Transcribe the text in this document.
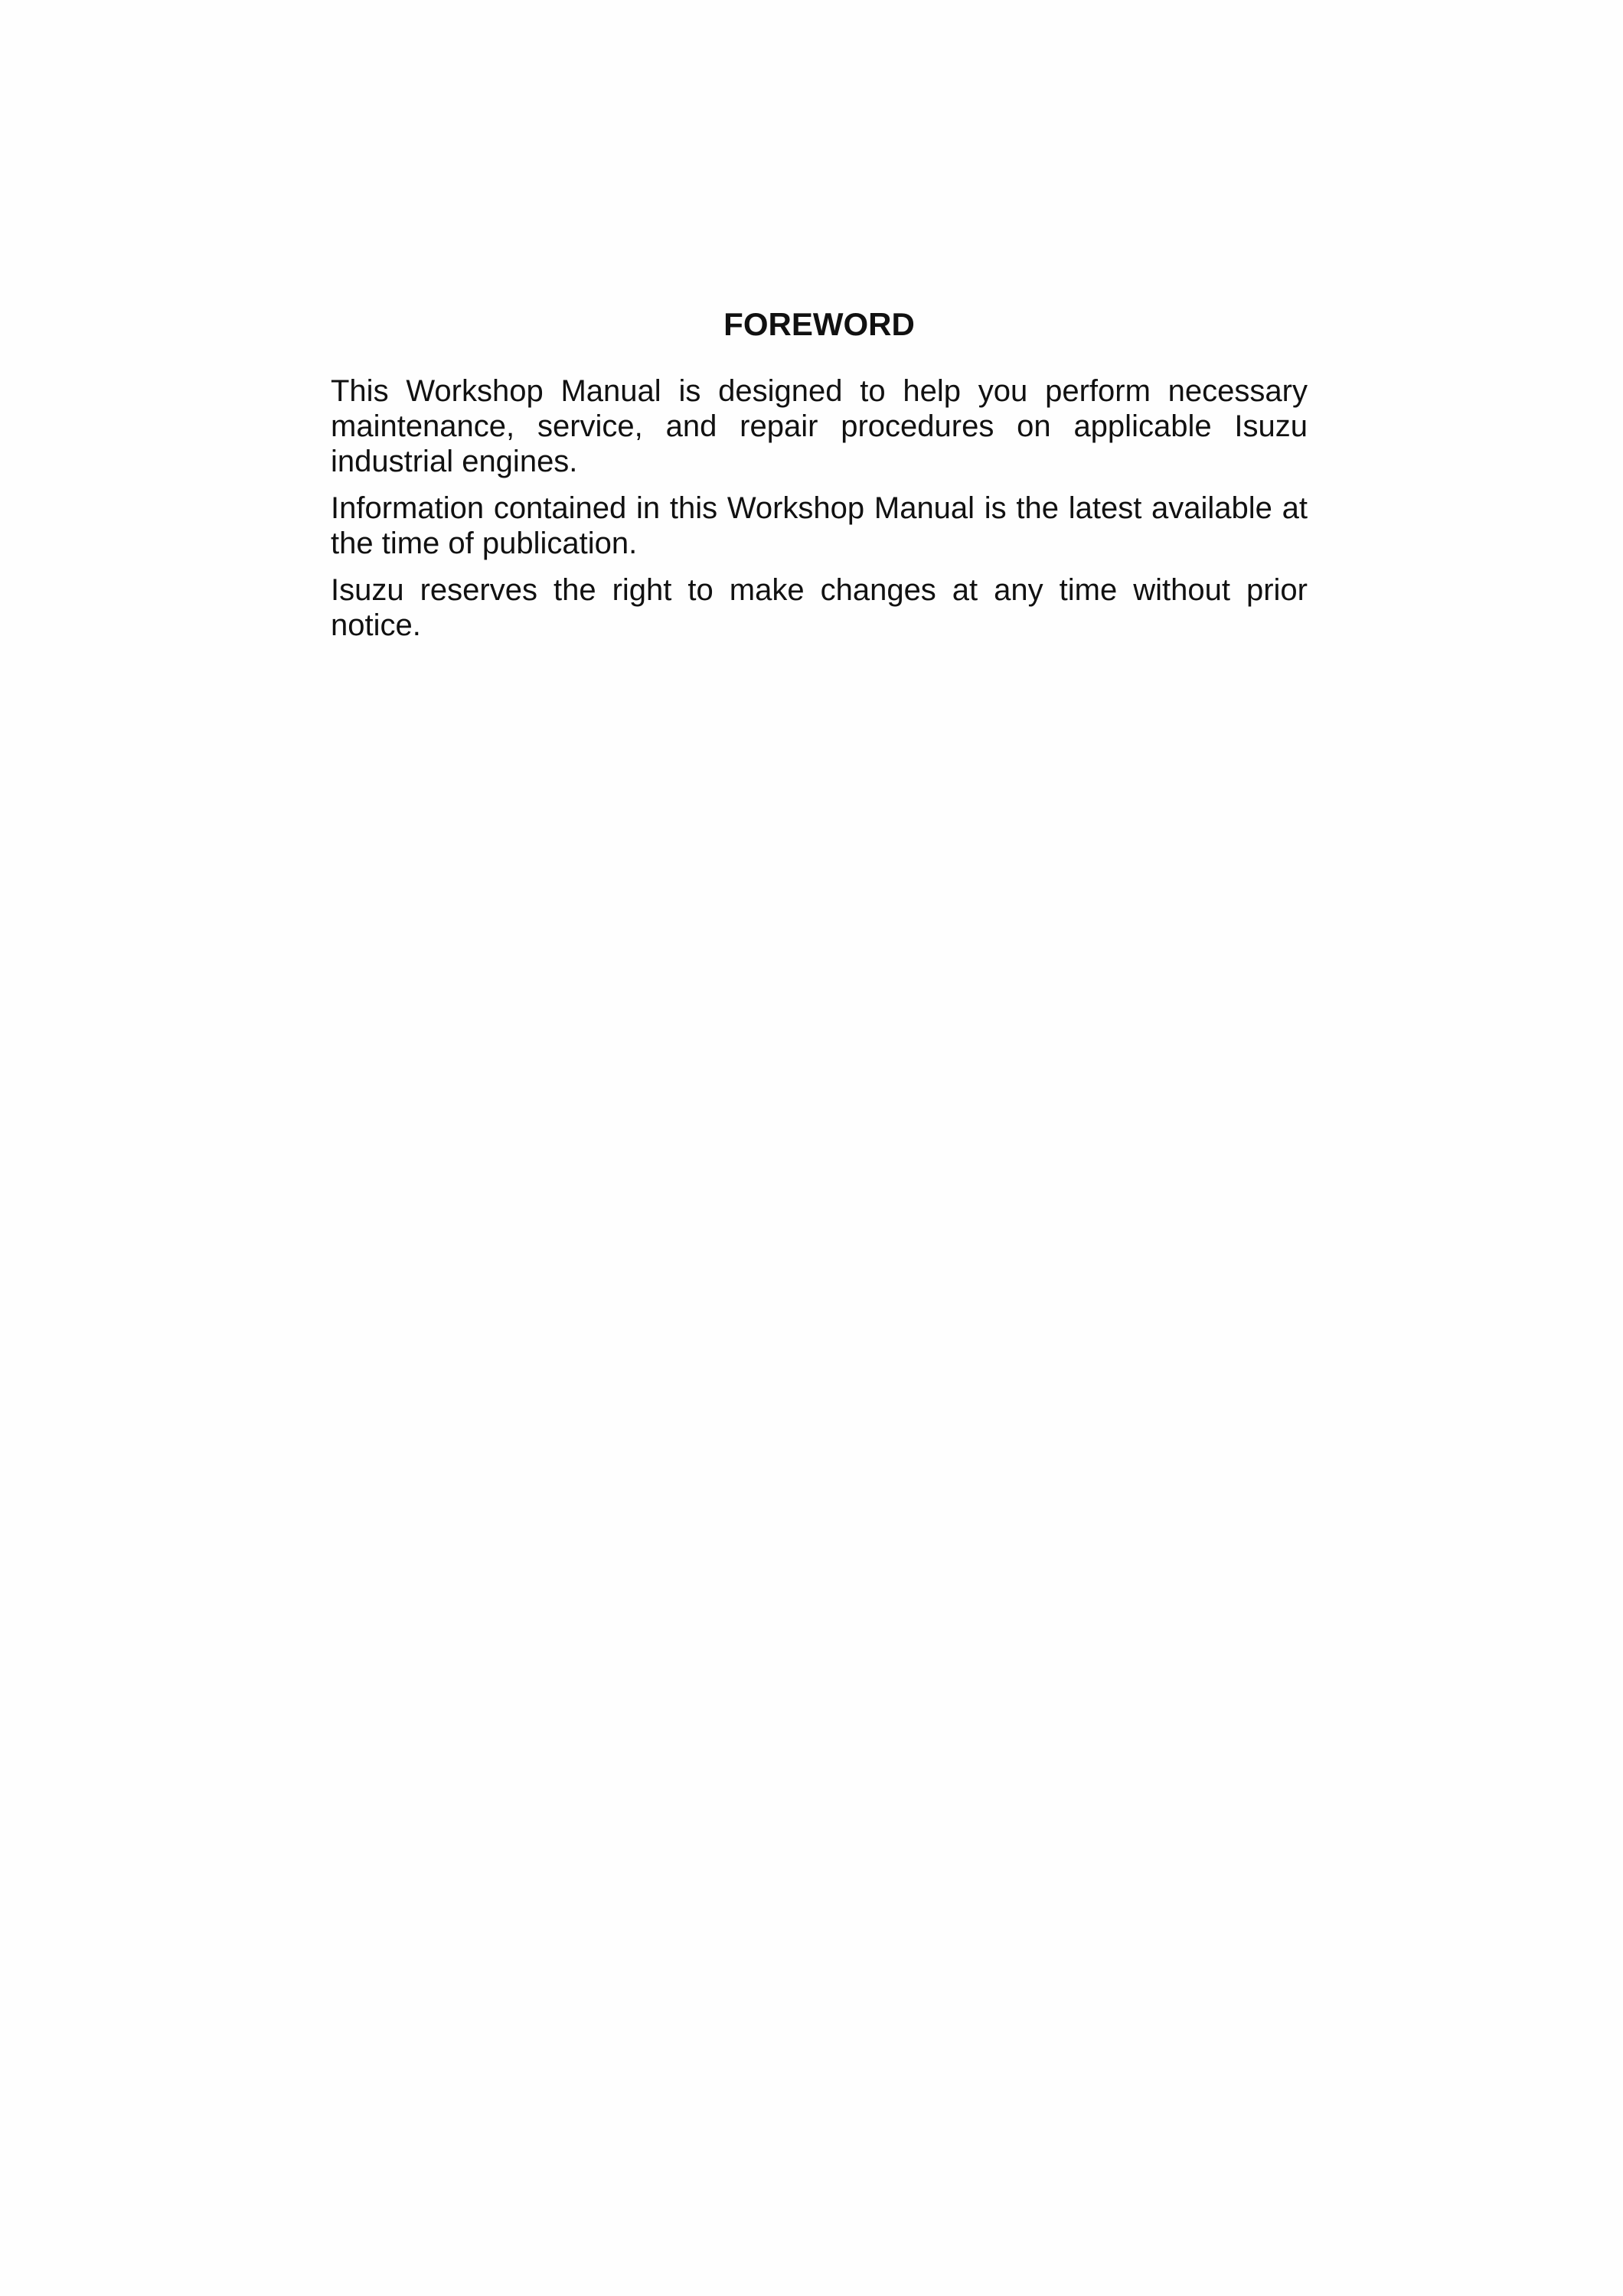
FOREWORD

This Workshop Manual is designed to help you perform necessary maintenance, service, and repair procedures on applicable Isuzu industrial engines.

Information contained in this Workshop Manual is the latest available at the time of publication.

Isuzu reserves the right to make changes at any time without prior notice.
